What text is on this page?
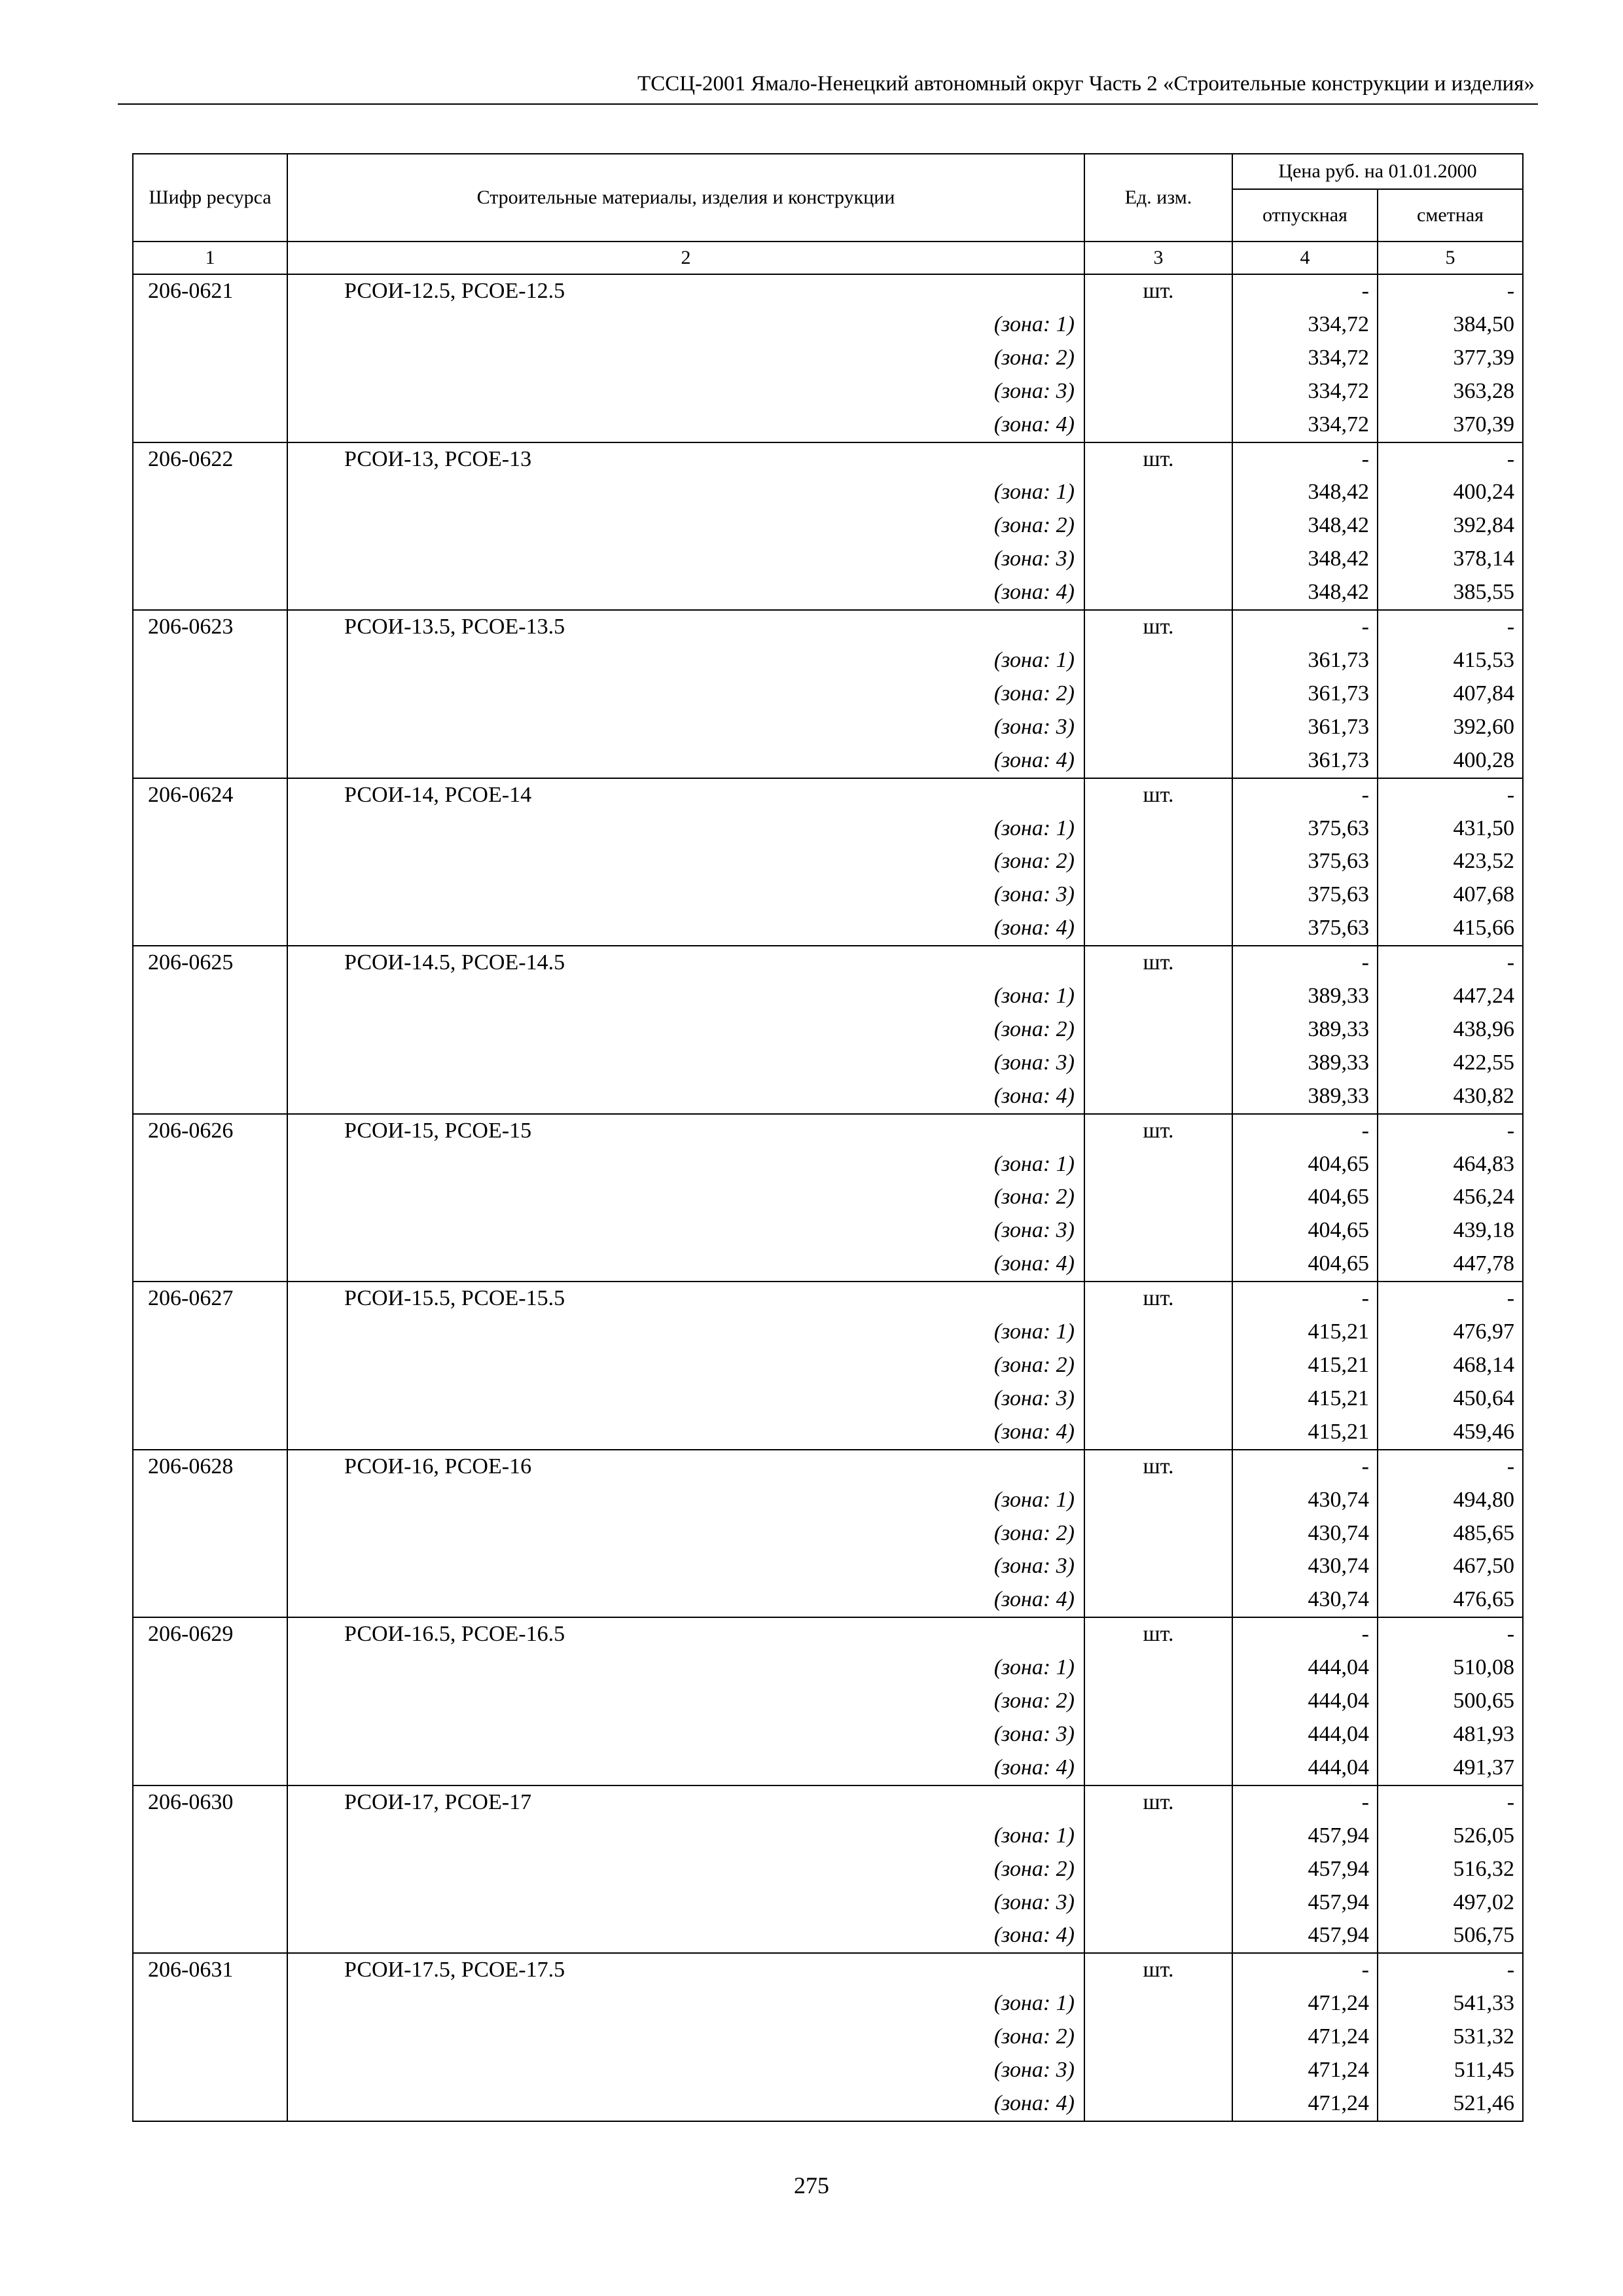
ТССЦ-2001 Ямало-Ненецкий автономный округ Часть 2 «Строительные конструкции и изделия»
Шифр ресурса	Строительные материалы, изделия и конструкции	Ед. изм.	Цена руб. на 01.01.2000	
			отпускная	сметная
1	2	3	4	5
206-0621	РСОИ-12.5, РСОЕ-12.5	шт.	-	-
	(зона: 1)		334,72	384,50
	(зона: 2)		334,72	377,39
	(зона: 3)		334,72	363,28
	(зона: 4)		334,72	370,39
206-0622	РСОИ-13, РСОЕ-13	шт.	-	-
	(зона: 1)		348,42	400,24
	(зона: 2)		348,42	392,84
	(зона: 3)		348,42	378,14
	(зона: 4)		348,42	385,55
206-0623	РСОИ-13.5, РСОЕ-13.5	шт.	-	-
	(зона: 1)		361,73	415,53
	(зона: 2)		361,73	407,84
	(зона: 3)		361,73	392,60
	(зона: 4)		361,73	400,28
206-0624	РСОИ-14, РСОЕ-14	шт.	-	-
	(зона: 1)		375,63	431,50
	(зона: 2)		375,63	423,52
	(зона: 3)		375,63	407,68
	(зона: 4)		375,63	415,66
206-0625	РСОИ-14.5, РСОЕ-14.5	шт.	-	-
	(зона: 1)		389,33	447,24
	(зона: 2)		389,33	438,96
	(зона: 3)		389,33	422,55
	(зона: 4)		389,33	430,82
206-0626	РСОИ-15, РСОЕ-15	шт.	-	-
	(зона: 1)		404,65	464,83
	(зона: 2)		404,65	456,24
	(зона: 3)		404,65	439,18
	(зона: 4)		404,65	447,78
206-0627	РСОИ-15.5, РСОЕ-15.5	шт.	-	-
	(зона: 1)		415,21	476,97
	(зона: 2)		415,21	468,14
	(зона: 3)		415,21	450,64
	(зона: 4)		415,21	459,46
206-0628	РСОИ-16, РСОЕ-16	шт.	-	-
	(зона: 1)		430,74	494,80
	(зона: 2)		430,74	485,65
	(зона: 3)		430,74	467,50
	(зона: 4)		430,74	476,65
206-0629	РСОИ-16.5, РСОЕ-16.5	шт.	-	-
	(зона: 1)		444,04	510,08
	(зона: 2)		444,04	500,65
	(зона: 3)		444,04	481,93
	(зона: 4)		444,04	491,37
206-0630	РСОИ-17, РСОЕ-17	шт.	-	-
	(зона: 1)		457,94	526,05
	(зона: 2)		457,94	516,32
	(зона: 3)		457,94	497,02
	(зона: 4)		457,94	506,75
206-0631	РСОИ-17.5, РСОЕ-17.5	шт.	-	-
	(зона: 1)		471,24	541,33
	(зона: 2)		471,24	531,32
	(зона: 3)		471,24	511,45
	(зона: 4)		471,24	521,46
275
